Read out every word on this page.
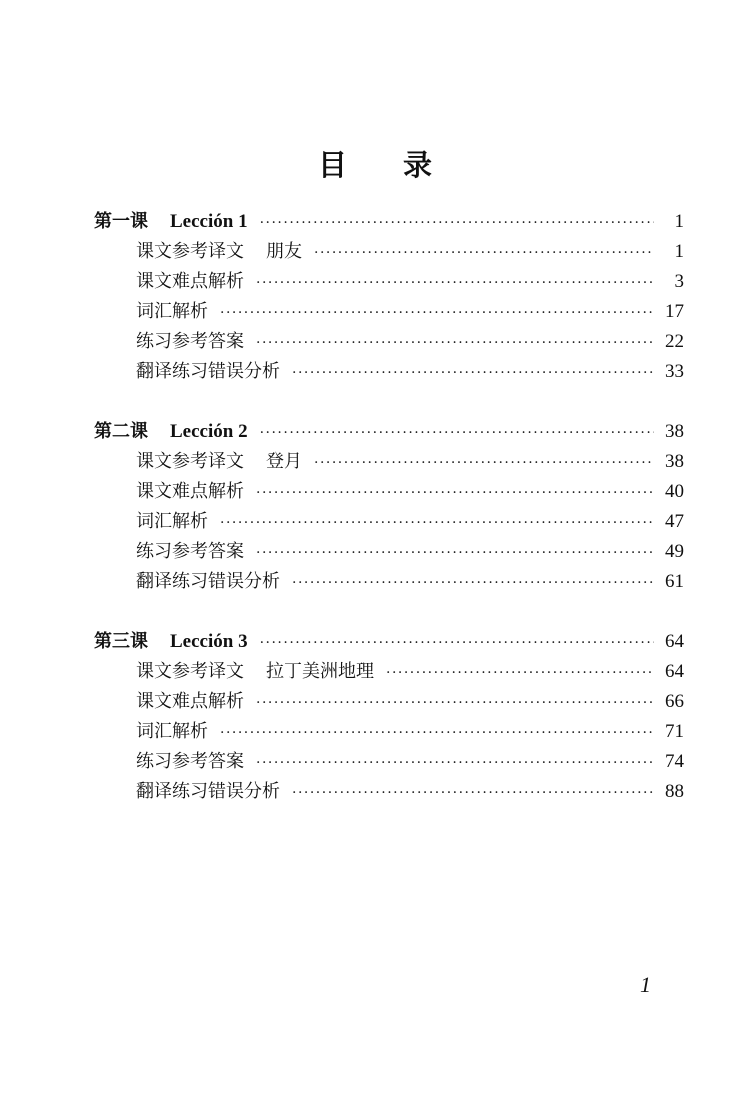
目 录
第一课 Lección 1 ·····	1
课文参考译文 朋友 ·····	1
课文难点解析 ·····	3
词汇解析 ·····	17
练习参考答案 ·····	22
翻译练习错误分析 ·····	33
第二课 Lección 2 ·····	38
课文参考译文 登月 ·····	38
课文难点解析 ·····	40
词汇解析 ·····	47
练习参考答案 ·····	49
翻译练习错误分析 ·····	61
第三课 Lección 3 ·····	64
课文参考译文 拉丁美洲地理 ·····	64
课文难点解析 ·····	66
词汇解析 ·····	71
练习参考答案 ·····	74
翻译练习错误分析 ·····	88
1
